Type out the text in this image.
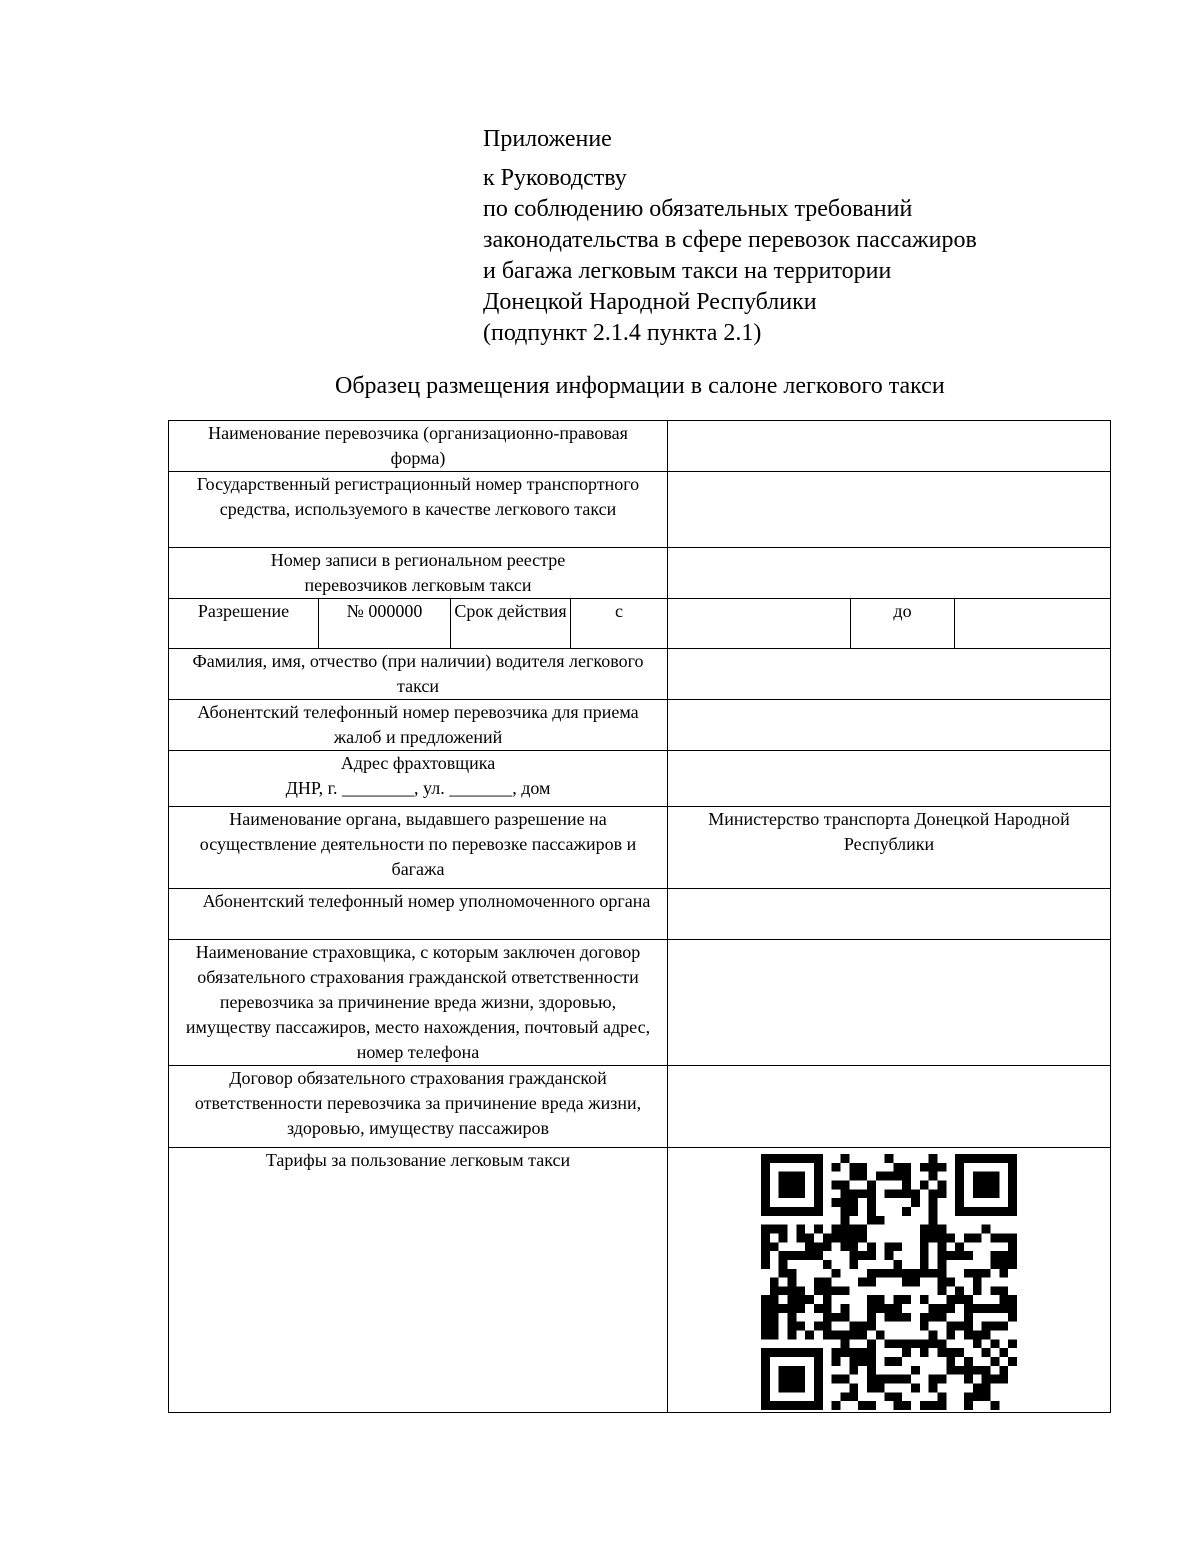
Приложение
к Руководству
по соблюдению обязательных требований
законодательства в сфере перевозок пассажиров
и багажа легковым такси на территории
Донецкой Народной Республики
(подпункт 2.1.4 пункта 2.1)
Образец размещения информации в салоне легкового такси
Наименование перевозчика (организационно-правовая форма)						
Государственный регистрационный номер транспортного средства, используемого в качестве легкового такси						
Номер записи в региональном реестре перевозчиков легковым такси						
Разрешение	№ 000000	Срок действия	с		до	
Фамилия, имя, отчество (при наличии) водителя легкового такси						
Абонентский телефонный номер перевозчика для приема жалоб и предложений						

Адрес фрахтовщика
ДНР, г. ________, ул. _______, дом						

Наименование органа, выдавшего разрешение на осуществление деятельности по перевозке пассажиров и багажа				Министерство транспорта Донецкой Народной Республики		
Абонентский телефонный номер уполномоченного органа						
Наименование страховщика, с которым заключен договор обязательного страхования гражданской ответственности перевозчика за причинение вреда жизни, здоровью, имуществу пассажиров, место нахождения, почтовый адрес, номер телефона						
Договор обязательного страхования гражданской ответственности перевозчика за причинение вреда жизни, здоровью, имуществу пассажиров						
Тарифы за пользование легковым такси	
